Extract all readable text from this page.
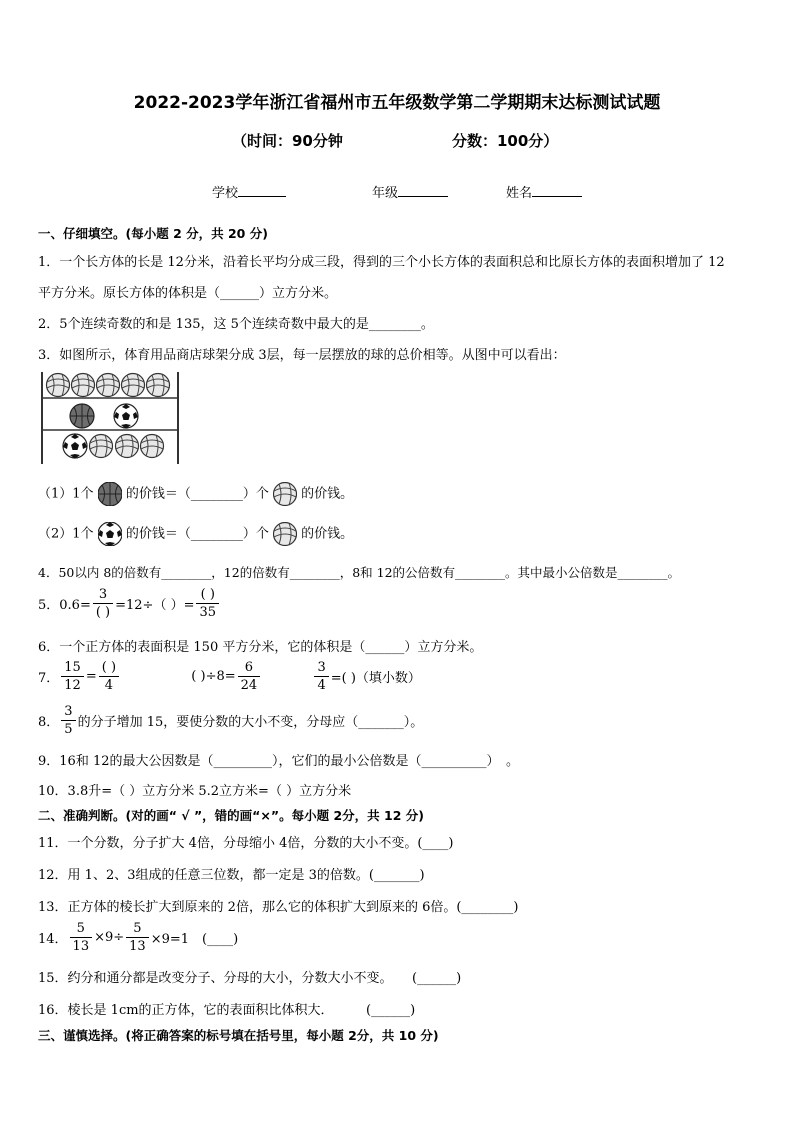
2022-2023学年浙江省福州市五年级数学第二学期期末达标测试试题
（时间：90分钟	分数：100分）
学校	年级	姓名
一、仔细填空。(每小题 2 分，共 20 分)
1．一个长方体的长是 12分米，沿着长平均分成三段，得到的三个小长方体的表面积总和比原长方体的表面积增加了 12
平方分米。原长方体的体积是（______）立方分米。
2．5个连续奇数的和是 135，这 5个连续奇数中最大的是________。
3．如图所示，体育用品商店球架分成 3层，每一层摆放的球的总价相等。从图中可以看出：
（1）1个 的价钱＝（________）个 的价钱。
（2）1个 的价钱＝（________）个 的价钱。
4．50以内 8的倍数有________，12的倍数有________，8和 12的公倍数有________。其中最小公倍数是________。
5．$0.6= \frac{3}{( )} =12\div$（ ）= $\frac{( )}{35}$
6．一个正方体的表面积是 150 平方分米，它的体积是（______）立方分米。
7． $\frac{15}{12} = \frac{( )}{4}$	( )$\div 8= \frac{6}{24}$
	$\frac{3}{4}$ =( )（填小数）
8． $\frac{3}{5}$ 的分子增加 15，要使分数的大小不变，分母应（_______）。
9．16和 12的最大公因数是（_________），它们的最小公倍数是（__________）　。
10．3.8升=（ ）立方分米 5.2立方米=（ ）立方分米
二、准确判断。(对的画“ √ ”，错的画“×”。每小题 2分，共 12 分)
11．一个分数，分子扩大 4倍，分母缩小 4倍，分数的大小不变。(____)
12．用 1、2、3组成的任意三位数，都一定是 3的倍数。(_______)
13．正方体的棱长扩大到原来的 2倍，那么它的体积扩大到原来的 6倍。(________)
14． $\frac{5}{13} \times 9\div \frac{5}{13} \times 9=1$　(____)
15．约分和通分都是改变分子、分母的大小，分数大小不变。　　(______)
16．棱长是 1cm的正方体，它的表面积比体积大．　　　(______)
三、谨慎选择。(将正确答案的标号填在括号里，每小题 2分，共 10 分)
